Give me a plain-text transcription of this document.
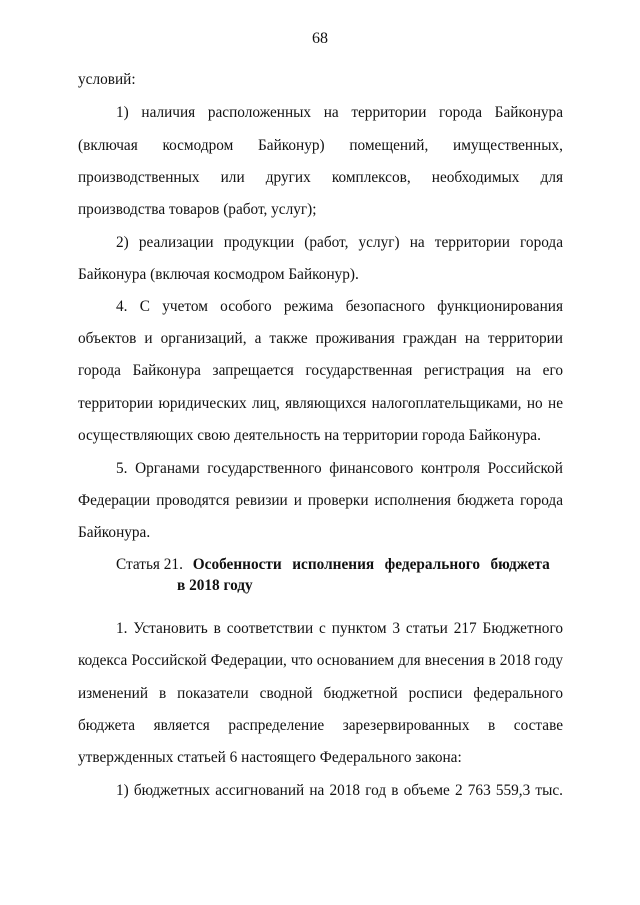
68
условий:
1) наличия расположенных на территории города Байконура
(включая космодром Байконур) помещений, имущественных,
производственных или других комплексов, необходимых для
производства товаров (работ, услуг);
2) реализации продукции (работ, услуг) на территории города
Байконура (включая космодром Байконур).
4. С учетом особого режима безопасного функционирования
объектов и организаций, а также проживания граждан на территории
города Байконура запрещается государственная регистрация на его
территории юридических лиц, являющихся налогоплательщиками, но не
осуществляющих свою деятельность на территории города Байконура.
5. Органами государственного финансового контроля Российской
Федерации проводятся ревизии и проверки исполнения бюджета города
Байконура.
Статья 21. Особенности исполнения федерального бюджета
в 2018 году
1. Установить в соответствии с пунктом 3 статьи 217 Бюджетного
кодекса Российской Федерации, что основанием для внесения в 2018 году
изменений в показатели сводной бюджетной росписи федерального
бюджета является распределение зарезервированных в составе
утвержденных статьей 6 настоящего Федерального закона:
1) бюджетных ассигнований на 2018 год в объеме 2 763 559,3 тыс.
